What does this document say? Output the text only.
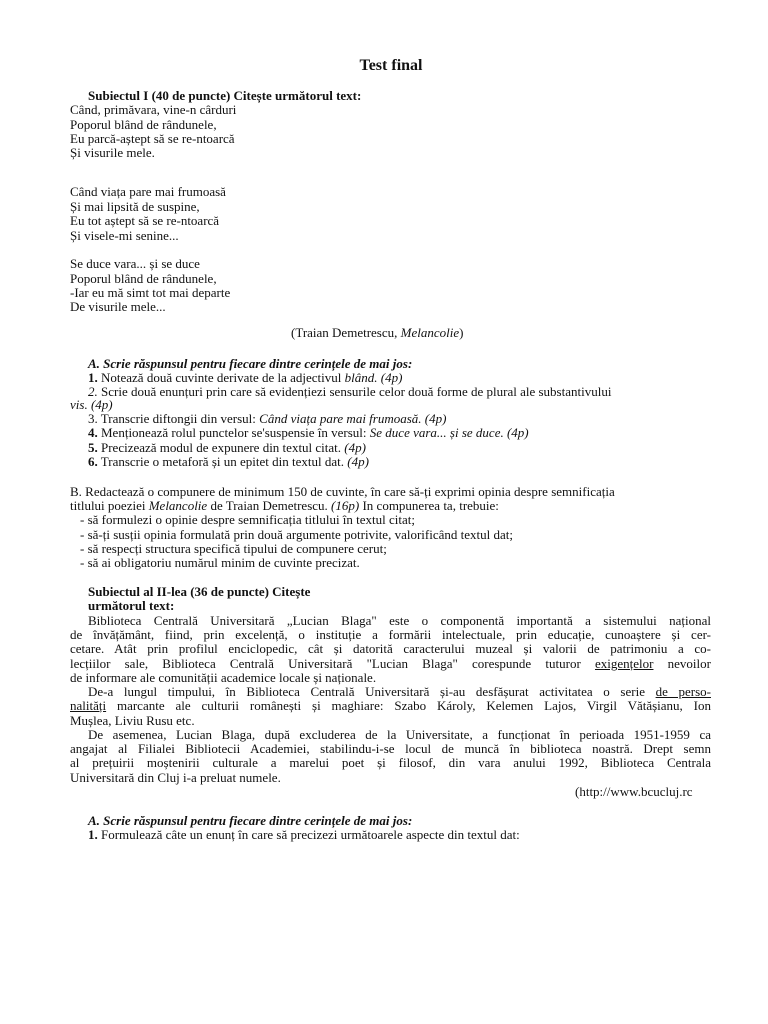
Test final
Subiectul I (40 de puncte) Citește următorul text:
Când, primăvara, vine-n cârduri
Poporul blând de rândunele,
Eu parcă-aștept să se re-ntoarcă
Și visurile mele.
Când viața pare mai frumoasă
Și mai lipsită de suspine,
Eu tot aștept să se re-ntoarcă
Și visele-mi senine...
Se duce vara... și se duce
Poporul blând de rândunele,
-Iar eu mă simt tot mai departe
De visurile mele...
(Traian Demetrescu, Melancolie)
A. Scrie răspunsul pentru fiecare dintre cerințele de mai jos:
1. Notează două cuvinte derivate de la adjectivul blând. (4p)
2. Scrie două enunțuri prin care să evidențiezi sensurile celor două forme de plural ale substantivului
vis. (4p)
3. Transcrie diftongii din versul: Când viața pare mai frumoasă. (4p)
4. Menționează rolul punctelor se'suspensie în versul: Se duce vara... și se duce. (4p)
5. Precizează modul de expunere din textul citat. (4p)
6. Transcrie o metaforă și un epitet din textul dat. (4p)
B. Redactează o compunere de minimum 150 de cuvinte, în care să-ți exprimi opinia despre semnificația
titlului poeziei Melancolie de Traian Demetrescu. (16p) In compunerea ta, trebuie:
- să formulezi o opinie despre semnificația titlului în textul citat;
- să-ți susții opinia formulată prin două argumente potrivite, valorificând textul dat;
- să respecți structura specifică tipului de compunere cerut;
- să ai obligatoriu numărul minim de cuvinte precizat.
Subiectul al II-lea (36 de puncte) Citește
următorul text:
Biblioteca Centrală Universitară „Lucian Blaga" este o componentă importantă a sistemului național
de învățământ, fiind, prin excelență, o instituție a formării intelectuale, prin educație, cunoaștere și cer-
cetare. Atât prin profilul enciclopedic, cât și datorită caracterului muzeal și valorii de patrimoniu a co-
lecțiilor sale, Biblioteca Centrală Universitară "Lucian Blaga" corespunde tuturor exigențelor nevoilor
de informare ale comunității academice locale și naționale.
De-a lungul timpului, în Biblioteca Centrală Universitară și-au desfășurat activitatea o serie de perso-
nalități marcante ale culturii românești și maghiare: Szabo Károly, Kelemen Lajos, Virgil Vătășianu, Ion
Mușlea, Liviu Rusu etc.
De asemenea, Lucian Blaga, după excluderea de la Universitate, a funcționat în perioada 1951-1959 ca
angajat al Filialei Bibliotecii Academiei, stabilindu-i-se locul de muncă în biblioteca noastră. Drept semn
al prețuirii moștenirii culturale a marelui poet și filosof, din vara anului 1992, Biblioteca Centrala
Universitară din Cluj i-a preluat numele.
(http://www.bcucluj.rc
A. Scrie răspunsul pentru fiecare dintre cerințele de mai jos:
1. Formulează câte un enunț în care să precizezi următoarele aspecte din textul dat:
